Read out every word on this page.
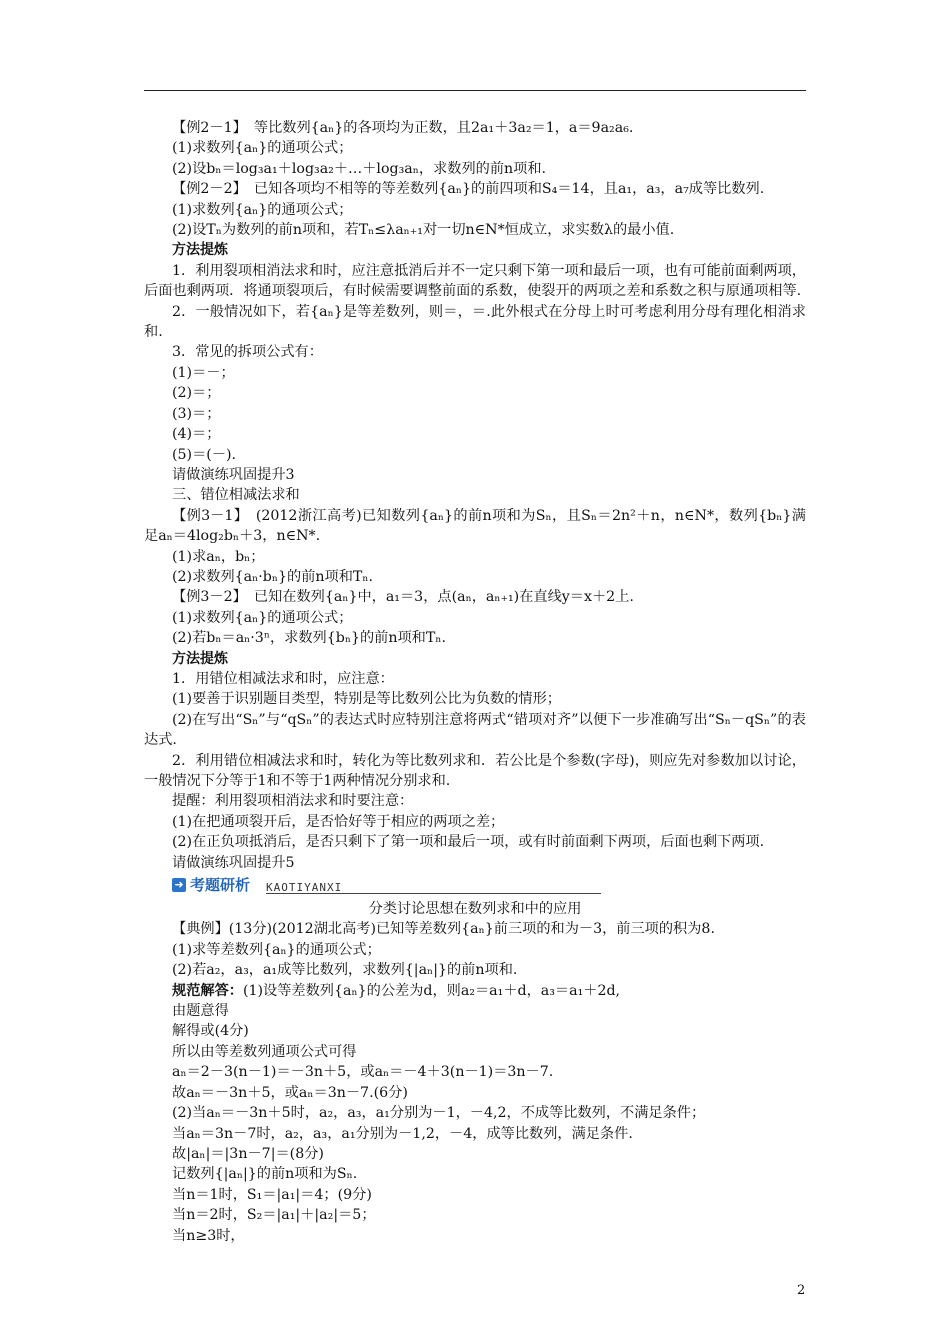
【例2－1】　等比数列{aₙ}的各项均为正数，且2a₁＋3a₂＝1，a＝9a₂a₆.

(1)求数列{aₙ}的通项公式；

(2)设bₙ＝log₃a₁＋log₃a₂＋…＋log₃aₙ，求数列的前n项和.

【例2－2】　已知各项均不相等的等差数列{aₙ}的前四项和S₄＝14，且a₁，a₃，a₇成等比数列.

(1)求数列{aₙ}的通项公式；

(2)设Tₙ为数列的前n项和，若Tₙ≤λaₙ₊₁对一切n∈N*恒成立，求实数λ的最小值.

方法提炼

1．利用裂项相消法求和时，应注意抵消后并不一定只剩下第一项和最后一项，也有可能前面剩两项，后面也剩两项．将通项裂项后，有时候需要调整前面的系数，使裂开的两项之差和系数之积与原通项相等.

2．一般情况如下，若{aₙ}是等差数列，则＝，＝.此外根式在分母上时可考虑利用分母有理化相消求和.

3．常见的拆项公式有：

(1)＝－；

(2)＝；

(3)＝；

(4)＝；

(5)＝(－).

请做演练巩固提升3

三、错位相减法求和

【例3－1】　(2012浙江高考)已知数列{aₙ}的前n项和为Sₙ，且Sₙ＝2n²＋n，n∈N*，数列{bₙ}满足aₙ＝4log₂bₙ＋3，n∈N*.

(1)求aₙ，bₙ；

(2)求数列{aₙ·bₙ}的前n项和Tₙ.

【例3－2】　已知在数列{aₙ}中，a₁＝3，点(aₙ，aₙ₊₁)在直线y＝x＋2上.

(1)求数列{aₙ}的通项公式；

(2)若bₙ＝aₙ·3ⁿ，求数列{bₙ}的前n项和Tₙ.

方法提炼

1．用错位相减法求和时，应注意：

(1)要善于识别题目类型，特别是等比数列公比为负数的情形；

(2)在写出“Sₙ”与“qSₙ”的表达式时应特别注意将两式“错项对齐”以便下一步准确写出“Sₙ－qSₙ”的表达式.

2．利用错位相减法求和时，转化为等比数列求和．若公比是个参数(字母)，则应先对参数加以讨论，一般情况下分等于1和不等于1两种情况分别求和.

提醒：利用裂项相消法求和时要注意：

(1)在把通项裂开后，是否恰好等于相应的两项之差；

(2)在正负项抵消后，是否只剩下了第一项和最后一项，或有时前面剩下两项，后面也剩下两项.

请做演练巩固提升5

➜ 考题研析 KAOTIYANXI

分类讨论思想在数列求和中的应用

【典例】(13分)(2012湖北高考)已知等差数列{aₙ}前三项的和为－3，前三项的积为8.

(1)求等差数列{aₙ}的通项公式；

(2)若a₂，a₃，a₁成等比数列，求数列{|aₙ|}的前n项和.

规范解答：(1)设等差数列{aₙ}的公差为d，则a₂＝a₁＋d，a₃＝a₁＋2d,

由题意得

解得或(4分)

所以由等差数列通项公式可得

aₙ＝2－3(n－1)＝－3n＋5，或aₙ＝－4＋3(n－1)＝3n－7.

故aₙ＝－3n＋5，或aₙ＝3n－7.(6分)

(2)当aₙ＝－3n＋5时，a₂，a₃，a₁分别为－1，－4,2，不成等比数列，不满足条件；

当aₙ＝3n－7时，a₂，a₃，a₁分别为－1,2，－4，成等比数列，满足条件.

故|aₙ|＝|3n－7|＝(8分)

记数列{|aₙ|}的前n项和为Sₙ.

当n＝1时，S₁＝|a₁|＝4；(9分)

当n＝2时，S₂＝|a₁|＋|a₂|＝5；

当n≥3时，

2
